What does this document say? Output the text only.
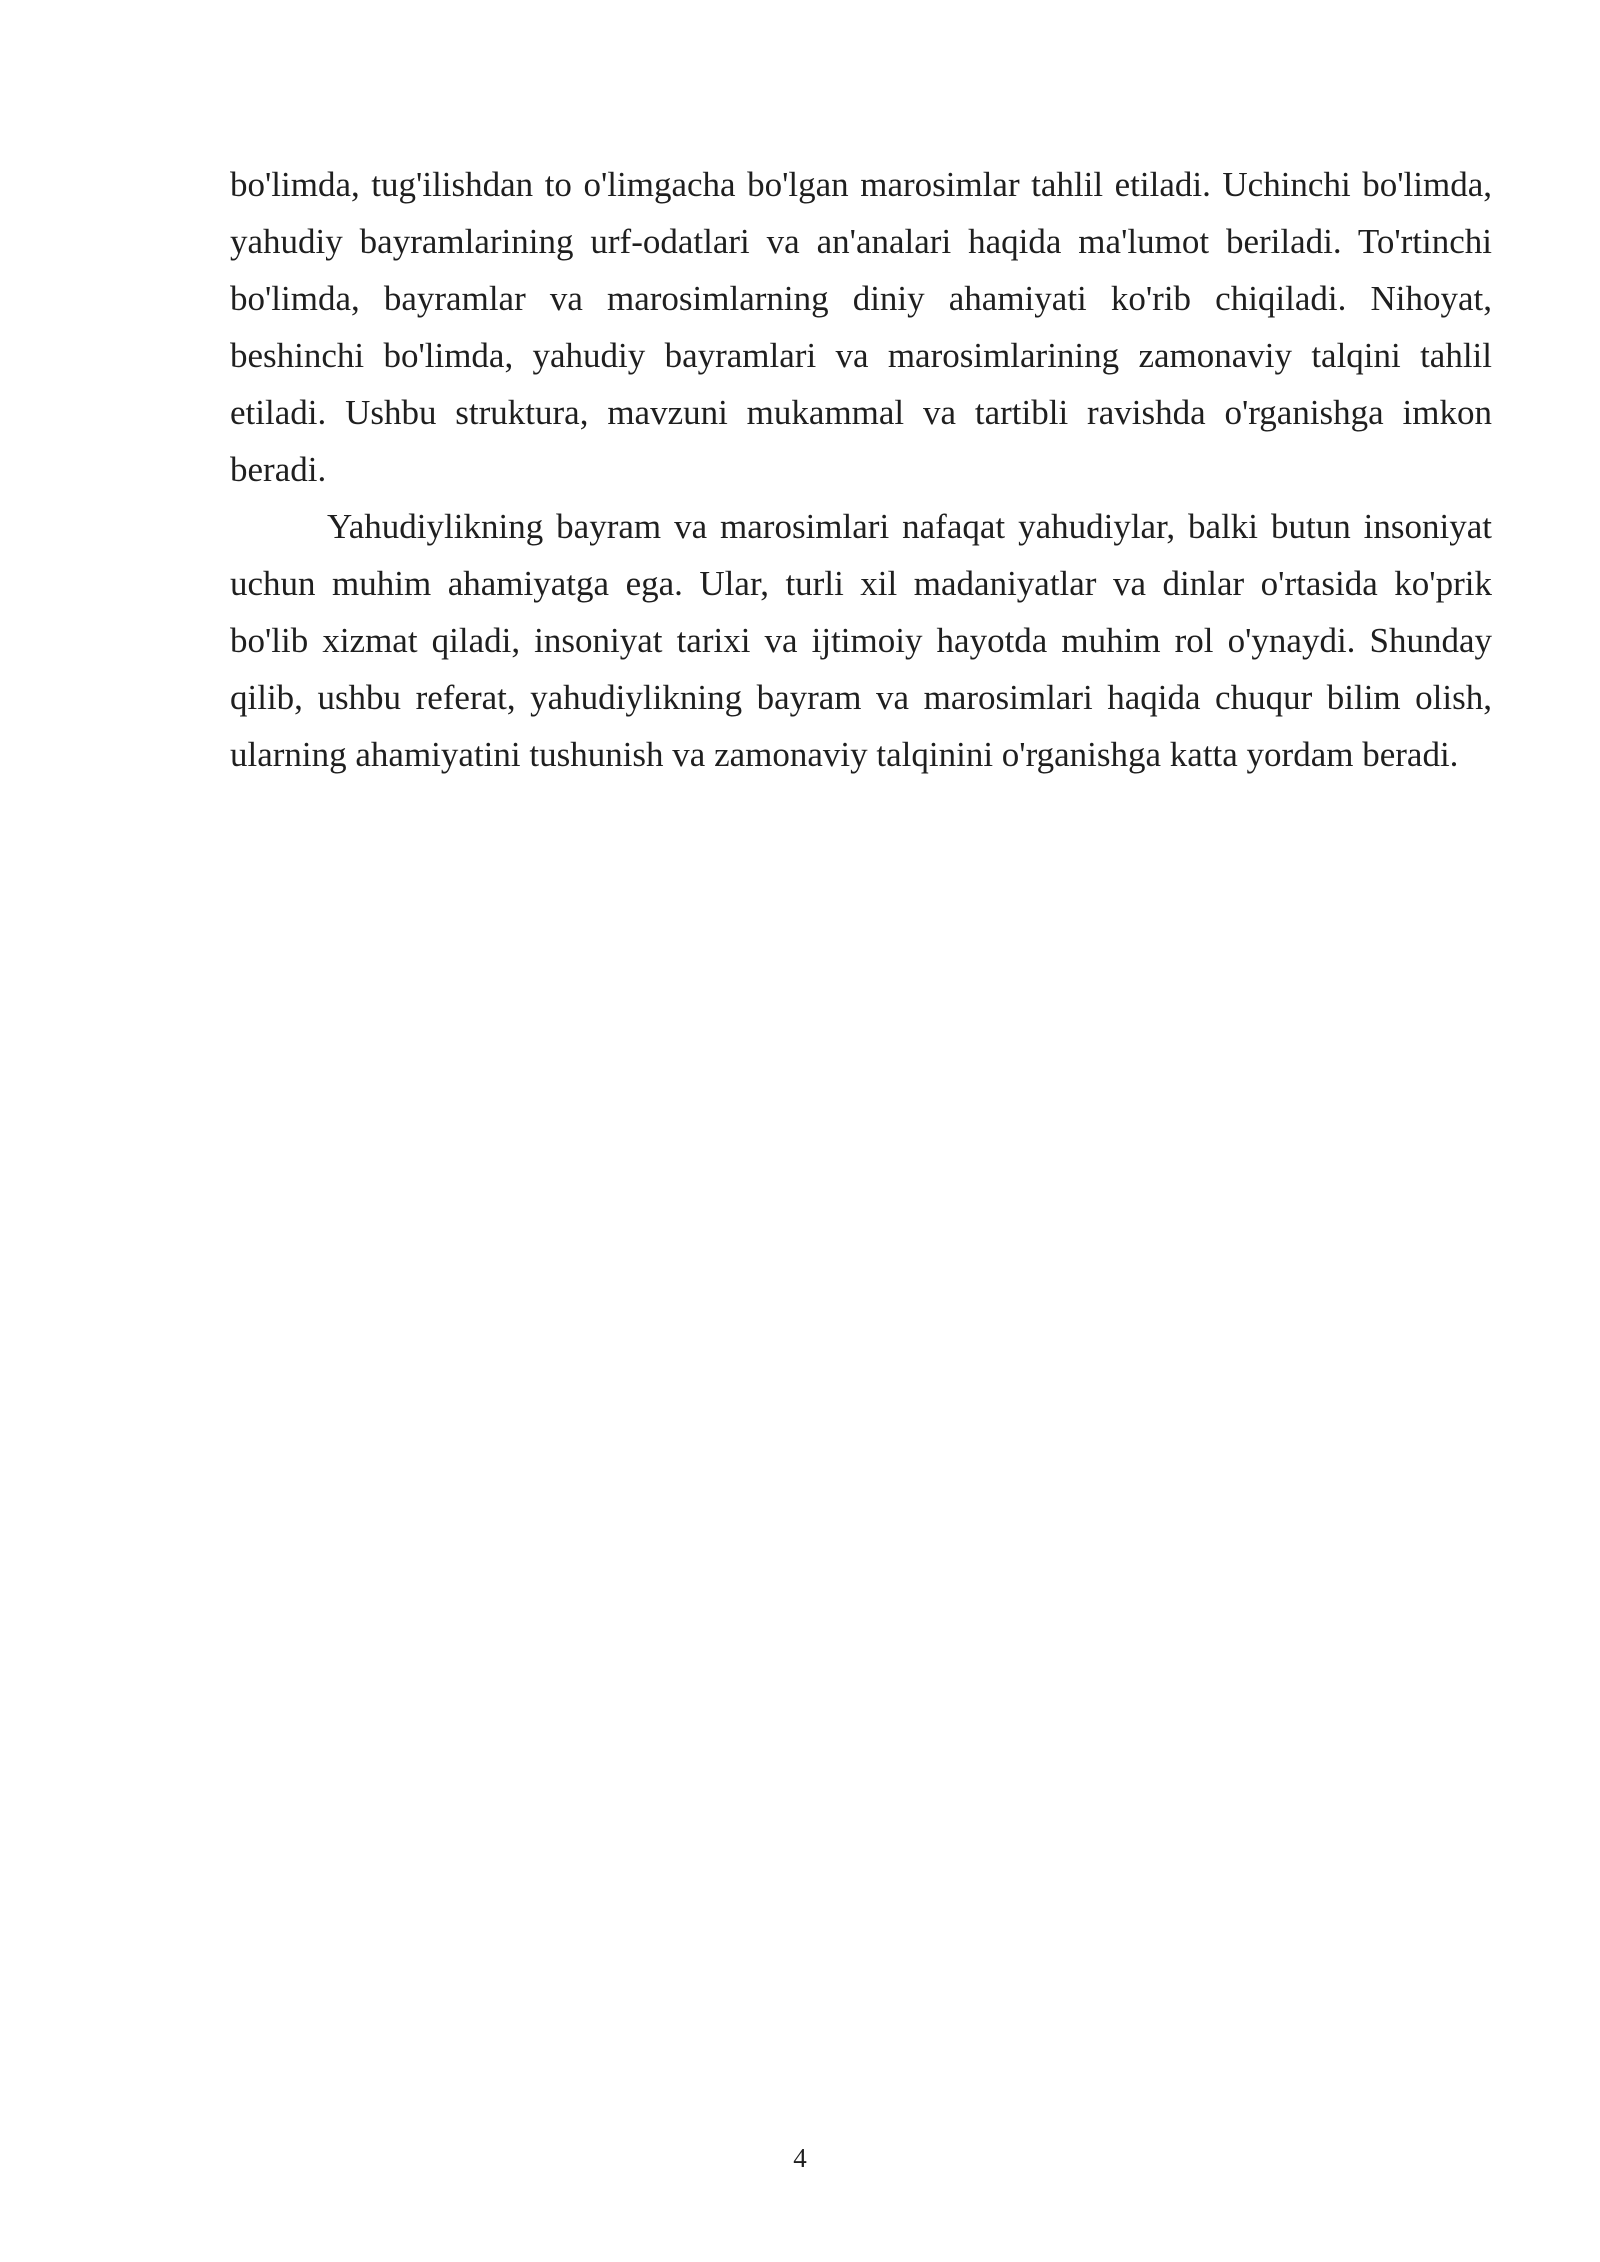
bo'limda, tug'ilishdan to o'limgacha bo'lgan marosimlar tahlil etiladi. Uchinchi bo'limda, yahudiy bayramlarining urf-odatlari va an'analari haqida ma'lumot beriladi. To'rtinchi bo'limda, bayramlar va marosimlarning diniy ahamiyati ko'rib chiqiladi. Nihoyat, beshinchi bo'limda, yahudiy bayramlari va marosimlarining zamonaviy talqini tahlil etiladi. Ushbu struktura, mavzuni mukammal va tartibli ravishda o'rganishga imkon beradi.

Yahudiylikning bayram va marosimlari nafaqat yahudiylar, balki butun insoniyat uchun muhim ahamiyatga ega. Ular, turli xil madaniyatlar va dinlar o'rtasida ko'prik bo'lib xizmat qiladi, insoniyat tarixi va ijtimoiy hayotda muhim rol o'ynaydi. Shunday qilib, ushbu referat, yahudiylikning bayram va marosimlari haqida chuqur bilim olish, ularning ahamiyatini tushunish va zamonaviy talqinini o'rganishga katta yordam beradi.

4
